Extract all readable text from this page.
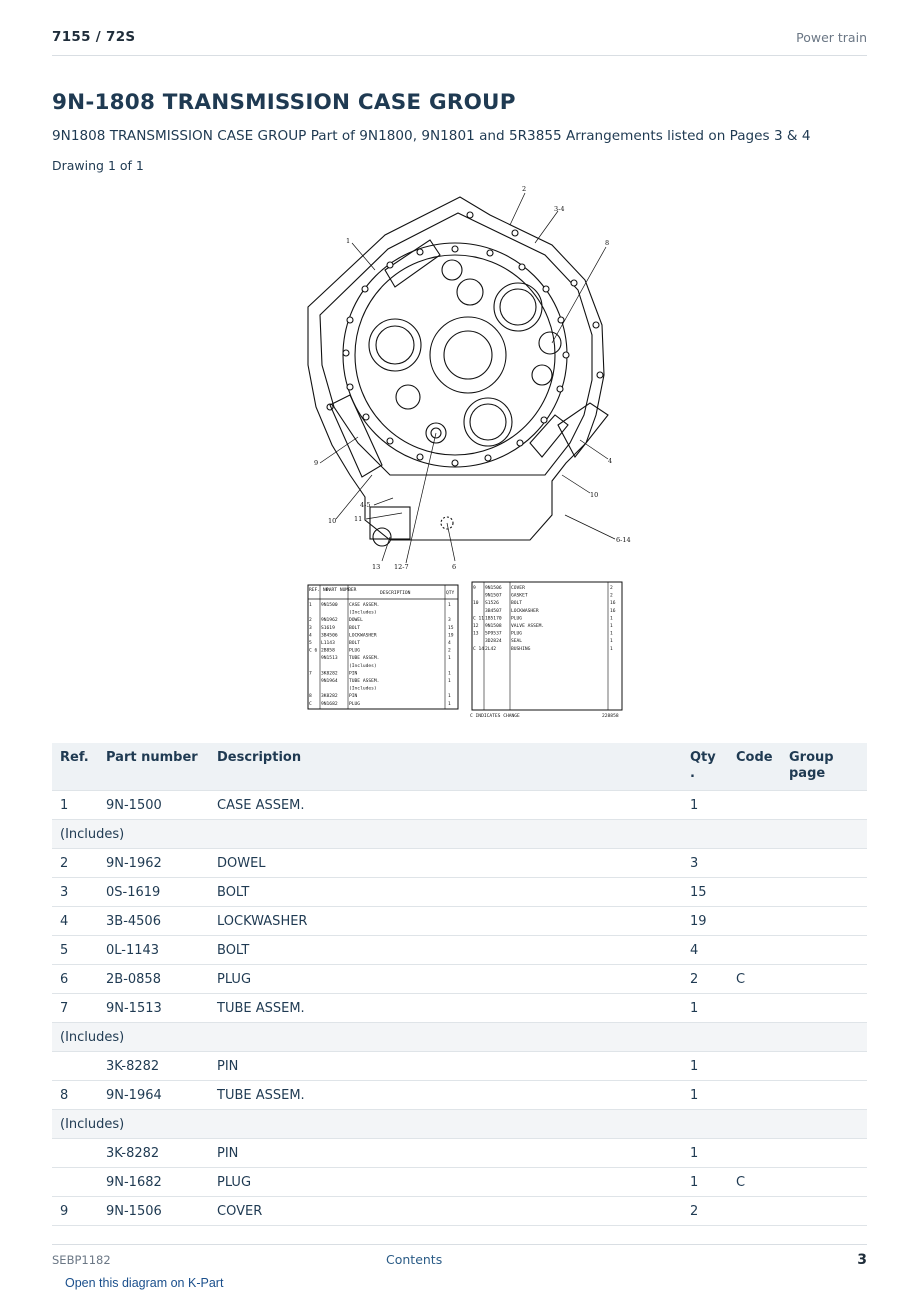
7155 / 72S	Power train
9N-1808 TRANSMISSION CASE GROUP
9N1808 TRANSMISSION CASE GROUP Part of 9N1800, 9N1801 and 5R3855 Arrangements listed on Pages 3 & 4
Drawing 1 of 1
1
2
3-4
8
9	4
4-5
11
10
10
13 12-7	6
6-14
REF. NO.
PART NUMBER
DESCRIPTION	QTY
1 9N1500 CASE ASSEM.	1
(Includes)
2 9N1962 DOWEL	3
3 S1619	BOLT	15
4 3B4506 LOCKWASHER	19
5 L1143	BOLT	4
C 6 2B858	PLUG	2
9N1513 TUBE ASSEM.	1
(Includes)
7 3K8282 PIN	1
9N1964 TUBE ASSEM.	1
(Includes)
8 3K8282 PIN	1
C 9N1682 PLUG	1
9 9N1506 COVER	2
9N1507 GASKET	2
10 S1526	BOLT	16
3B4507 LOCKWASHER	16
C 11 1B5170 PLUG	1
12 9N1508 VALVE ASSEM.	1
13 5P9537 PLUG	1
3D2824 SEAL	1
C 14 2L42	BUSHING	1
C INDICATES CHANGE	228858
Ref.	Part number	Description	Qty
.	Code	Group page
1	9N-1500	CASE ASSEM.	1		
(Includes)					
2	9N-1962	DOWEL	3		
3	0S-1619	BOLT	15		
4	3B-4506	LOCKWASHER	19		
5	0L-1143	BOLT	4		
6	2B-0858	PLUG	2	C	
7	9N-1513	TUBE ASSEM.	1		
(Includes)					
	3K-8282	PIN	1		
8	9N-1964	TUBE ASSEM.	1		
(Includes)					
	3K-8282	PIN	1		
	9N-1682	PLUG	1	C	
9	9N-1506	COVER	2		
SEBP1182	Contents	3
Open this diagram on K-Part
